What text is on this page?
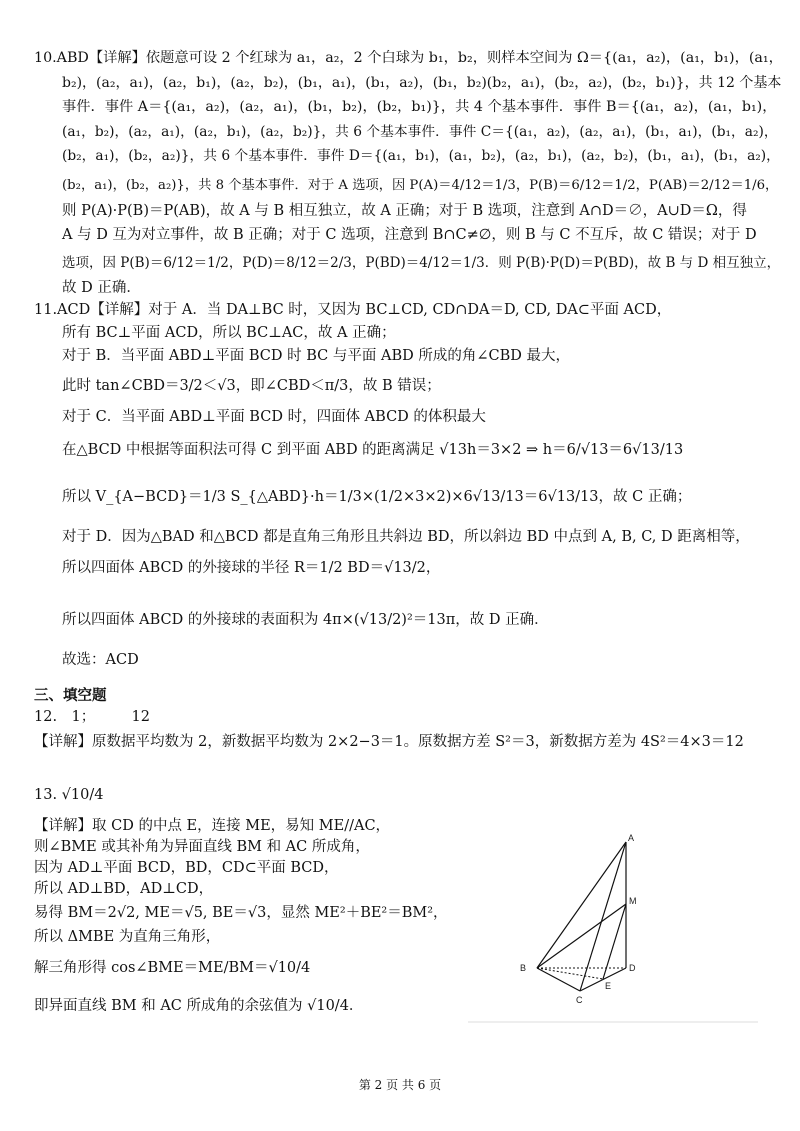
10.ABD【详解】依题意可设 2 个红球为 a₁，a₂，2 个白球为 b₁，b₂，则样本空间为 Ω＝{(a₁，a₂)，(a₁，b₁)，(a₁，
b₂)，(a₂，a₁)，(a₂，b₁)，(a₂，b₂)，(b₁，a₁)，(b₁，a₂)，(b₁，b₂)(b₂，a₁)，(b₂，a₂)，(b₂，b₁)}，共 12 个基本
事件．事件 A＝{(a₁，a₂)，(a₂，a₁)，(b₁，b₂)，(b₂，b₁)}，共 4 个基本事件．事件 B＝{(a₁，a₂)，(a₁，b₁)，
(a₁，b₂)，(a₂，a₁)，(a₂，b₁)，(a₂，b₂)}，共 6 个基本事件．事件 C＝{(a₁，a₂)，(a₂，a₁)，(b₁，a₁)，(b₁，a₂)，
(b₂，a₁)，(b₂，a₂)}，共 6 个基本事件．事件 D＝{(a₁，b₁)，(a₁，b₂)，(a₂，b₁)，(a₂，b₂)，(b₁，a₁)，(b₁，a₂)，
(b₂，a₁)，(b₂，a₂)}，共 8 个基本事件．对于 A 选项，因 P(A)＝4/12＝1/3，P(B)＝6/12＝1/2，P(AB)＝2/12＝1/6，
则 P(A)·P(B)＝P(AB)，故 A 与 B 相互独立，故 A 正确；对于 B 选项，注意到 A∩D＝∅，A∪D＝Ω，得
A 与 D 互为对立事件，故 B 正确；对于 C 选项，注意到 B∩C≠∅，则 B 与 C 不互斥，故 C 错误；对于 D
选项，因 P(B)＝6/12＝1/2，P(D)＝8/12＝2/3，P(BD)＝4/12＝1/3．则 P(B)·P(D)＝P(BD)，故 B 与 D 相互独立，
故 D 正确．
11.ACD【详解】对于 A．当 DA⊥BC 时，又因为 BC⊥CD, CD∩DA＝D, CD, DA⊂平面 ACD，
所有 BC⊥平面 ACD，所以 BC⊥AC，故 A 正确；
对于 B．当平面 ABD⊥平面 BCD 时 BC 与平面 ABD 所成的角∠CBD 最大，
此时 tan∠CBD＝3/2＜√3，即∠CBD＜π/3，故 B 错误；
对于 C．当平面 ABD⊥平面 BCD 时，四面体 ABCD 的体积最大
在△BCD 中根据等面积法可得 C 到平面 ABD 的距离满足 √13h＝3×2 ⇒ h＝6/√13＝6√13/13
所以 V_{A−BCD}＝1/3 S_{△ABD}·h＝1/3×(1/2×3×2)×6√13/13＝6√13/13，故 C 正确；
对于 D．因为△BAD 和△BCD 都是直角三角形且共斜边 BD，所以斜边 BD 中点到 A, B, C, D 距离相等，
所以四面体 ABCD 的外接球的半径 R＝1/2 BD＝√13/2，
所以四面体 ABCD 的外接球的表面积为 4π×(√13/2)²＝13π，故 D 正确．
故选：ACD
三、填空题
12.　1；　　　12
【详解】原数据平均数为 2，新数据平均数为 2×2−3＝1。原数据方差 S²＝3，新数据方差为 4S²＝4×3＝12
13. √10/4
【详解】取 CD 的中点 E，连接 ME，易知 ME//AC，
则∠BME 或其补角为异面直线 BM 和 AC 所成角，
因为 AD⊥平面 BCD，BD，CD⊂平面 BCD，
所以 AD⊥BD，AD⊥CD，
易得 BM＝2√2, ME＝√5, BE＝√3，显然 ME²＋BE²＝BM²，
所以 ΔMBE 为直角三角形，
解三角形得 cos∠BME＝ME/BM＝√10/4
即异面直线 BM 和 AC 所成角的余弦值为 √10/4．
A
M
B	D
E
C
第 2 页 共 6 页
